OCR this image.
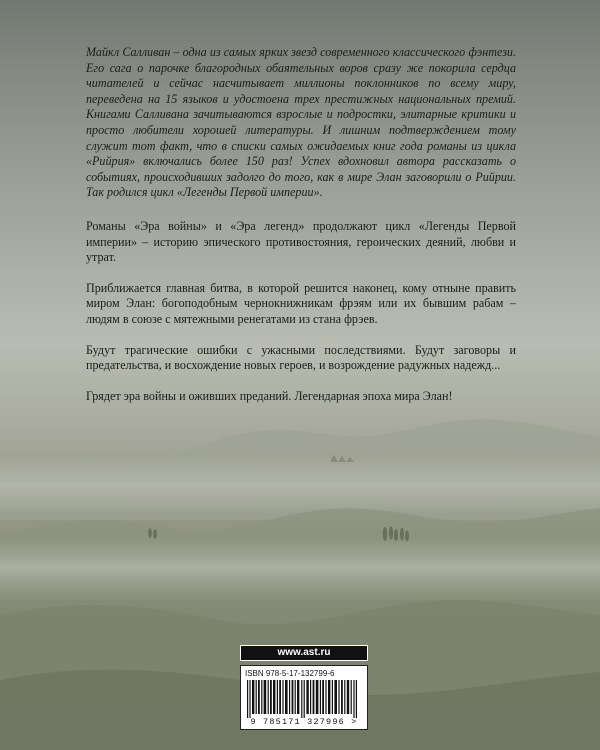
Майкл Салливан – одна из самых ярких звезд современного классического фэнтези. Его сага о парочке благородных обаятельных воров сразу же покорила сердца читателей и сейчас насчитывает миллионы поклонников по всему миру, переведена на 15 языков и удостоена трех престижных национальных премий. Книгами Салливана зачитываются взрослые и подростки, элитарные критики и просто любители хорошей литературы. И лишним подтверждением тому служит тот факт, что в списки самых ожидаемых книг года романы из цикла «Рийрия» включались более 150 раз! Успех вдохновил автора рассказать о событиях, происходивших задолго до того, как в мире Элан заговорили о Рийрии. Так родился цикл «Легенды Первой империи».

Романы «Эра войны» и «Эра легенд» продолжают цикл «Легенды Первой империи» – историю эпического противостояния, героических деяний, любви и утрат.

Приближается главная битва, в которой решится наконец, кому отныне править миром Элан: богоподобным чернокнижникам фрэям или их бывшим рабам – людям в союзе с мятежными ренегатами из стана фрэев.

Будут трагические ошибки с ужасными последствиями. Будут заговоры и предательства, и восхождение новых героев, и возрождение радужных надежд...

Грядет эра войны и оживших преданий. Легендарная эпоха мира Элан!

www.ast.ru
ISBN 978-5-17-132799-6
9 785171 327996 >
